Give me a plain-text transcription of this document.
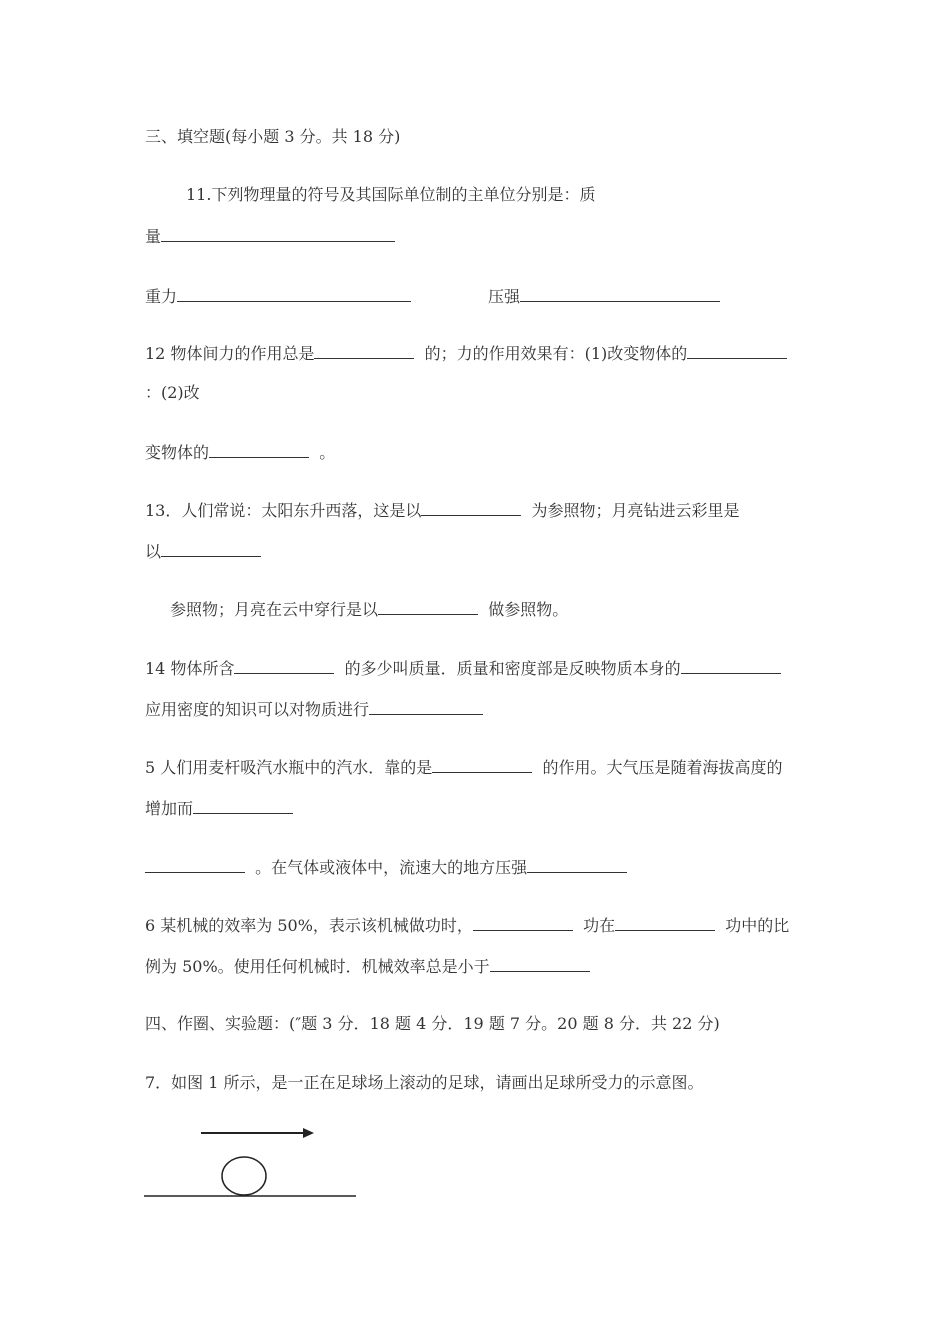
三、填空题(每小题 3 分。共 18 分)
11.下列物理量的符号及其国际单位制的主单位分别是：质
量
重力	压强
12 物体间力的作用总是	的；力的作用效果有：(1)改变物体的
：(2)改
变物体的	。
13．人们常说：太阳东升西落，这是以	为参照物；月亮钻进云彩里是
以
参照物；月亮在云中穿行是以	做参照物。
14 物体所含	的多少叫质量．质量和密度部是反映物质本身的
应用密度的知识可以对物质进行
5 人们用麦杆吸汽水瓶中的汽水．靠的是	的作用。大气压是随着海拔高度的
增加而
。在气体或液体中，流速大的地方压强
6 某机械的效率为 50%，表示该机械做功时，	功在	功中的比
例为 50%。使用任何机械时．机械效率总是小于
四、作圈、实验题：(″题 3 分．18 题 4 分．19 题 7 分。20 题 8 分．共 22 分)
7．如图 1 所示，是一正在足球场上滚动的足球，请画出足球所受力的示意图。
